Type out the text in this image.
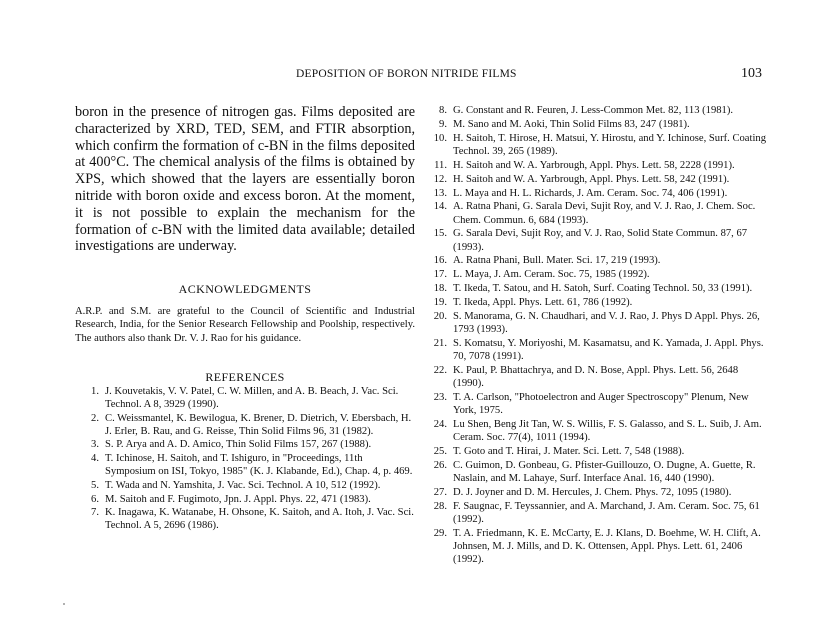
DEPOSITION OF BORON NITRIDE FILMS	103

boron in the presence of nitrogen gas. Films deposited are characterized by XRD, TED, SEM, and FTIR absorption, which confirm the formation of c-BN in the films deposited at 400°C. The chemical analysis of the films is obtained by XPS, which showed that the layers are essentially boron nitride with boron oxide and excess boron. At the moment, it is not possible to explain the mechanism for the formation of c-BN with the limited data available; detailed investigations are underway.

ACKNOWLEDGMENTS

A.R.P. and S.M. are grateful to the Council of Scientific and Industrial Research, India, for the Senior Research Fellowship and Poolship, respectively. The authors also thank Dr. V. J. Rao for his guidance.

REFERENCES

1. J. Kouvetakis, V. V. Patel, C. W. Millen, and A. B. Beach, J. Vac. Sci. Technol. A 8, 3929 (1990).
2. C. Weissmantel, K. Bewilogua, K. Brener, D. Dietrich, V. Ebersbach, H. J. Erler, B. Rau, and G. Reisse, Thin Solid Films 96, 31 (1982).
3. S. P. Arya and A. D. Amico, Thin Solid Films 157, 267 (1988).
4. T. Ichinose, H. Saitoh, and T. Ishiguro, in "Proceedings, 11th Symposium on ISI, Tokyo, 1985" (K. J. Klabande, Ed.), Chap. 4, p. 469.
5. T. Wada and N. Yamshita, J. Vac. Sci. Technol. A 10, 512 (1992).
6. M. Saitoh and F. Fugimoto, Jpn. J. Appl. Phys. 22, 471 (1983).
7. K. Inagawa, K. Watanabe, H. Ohsone, K. Saitoh, and A. Itoh, J. Vac. Sci. Technol. A 5, 2696 (1986).
8. G. Constant and R. Feuren, J. Less-Common Met. 82, 113 (1981).
9. M. Sano and M. Aoki, Thin Solid Films 83, 247 (1981).
10. H. Saitoh, T. Hirose, H. Matsui, Y. Hirostu, and Y. Ichinose, Surf. Coating Technol. 39, 265 (1989).
11. H. Saitoh and W. A. Yarbrough, Appl. Phys. Lett. 58, 2228 (1991).
12. H. Saitoh and W. A. Yarbrough, Appl. Phys. Lett. 58, 242 (1991).
13. L. Maya and H. L. Richards, J. Am. Ceram. Soc. 74, 406 (1991).
14. A. Ratna Phani, G. Sarala Devi, Sujit Roy, and V. J. Rao, J. Chem. Soc. Chem. Commun. 6, 684 (1993).
15. G. Sarala Devi, Sujit Roy, and V. J. Rao, Solid State Commun. 87, 67 (1993).
16. A. Ratna Phani, Bull. Mater. Sci. 17, 219 (1993).
17. L. Maya, J. Am. Ceram. Soc. 75, 1985 (1992).
18. T. Ikeda, T. Satou, and H. Satoh, Surf. Coating Technol. 50, 33 (1991).
19. T. Ikeda, Appl. Phys. Lett. 61, 786 (1992).
20. S. Manorama, G. N. Chaudhari, and V. J. Rao, J. Phys D Appl. Phys. 26, 1793 (1993).
21. S. Komatsu, Y. Moriyoshi, M. Kasamatsu, and K. Yamada, J. Appl. Phys. 70, 7078 (1991).
22. K. Paul, P. Bhattachrya, and D. N. Bose, Appl. Phys. Lett. 56, 2648 (1990).
23. T. A. Carlson, "Photoelectron and Auger Spectroscopy" Plenum, New York, 1975.
24. Lu Shen, Beng Jit Tan, W. S. Willis, F. S. Galasso, and S. L. Suib, J. Am. Ceram. Soc. 77(4), 1011 (1994).
25. T. Goto and T. Hirai, J. Mater. Sci. Lett. 7, 548 (1988).
26. C. Guimon, D. Gonbeau, G. Pfister-Guillouzo, O. Dugne, A. Guette, R. Naslain, and M. Lahaye, Surf. Interface Anal. 16, 440 (1990).
27. D. J. Joyner and D. M. Hercules, J. Chem. Phys. 72, 1095 (1980).
28. F. Saugnac, F. Teyssannier, and A. Marchand, J. Am. Ceram. Soc. 75, 61 (1992).
29. T. A. Friedmann, K. E. McCarty, E. J. Klans, D. Boehme, W. H. Clift, A. Johnsen, M. J. Mills, and D. K. Ottensen, Appl. Phys. Lett. 61, 2406 (1992).
